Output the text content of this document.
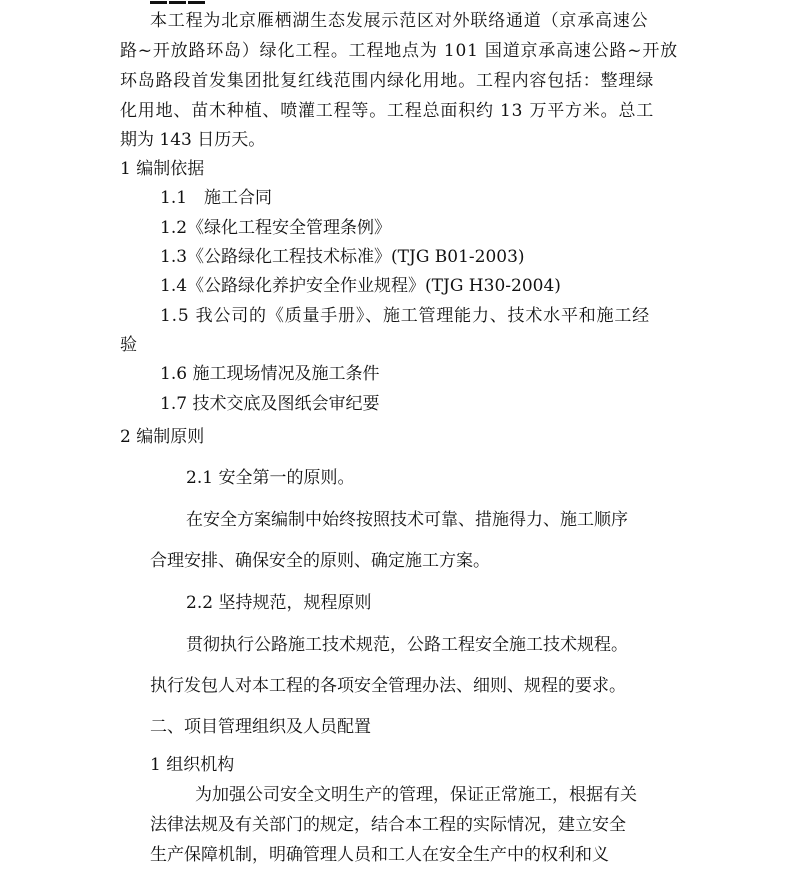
本工程为北京雁栖湖生态发展示范区对外联络通道（京承高速公
路~开放路环岛）绿化工程。工程地点为 101 国道京承高速公路~开放
环岛路段首发集团批复红线范围内绿化用地。工程内容包括：整理绿
化用地、苗木种植、喷灌工程等。工程总面积约 13 万平方米。总工
期为 143 日历天。
1 编制依据
1.1　施工合同
1.2《绿化工程安全管理条例》
1.3《公路绿化工程技术标准》(TJG B01-2003)
1.4《公路绿化养护安全作业规程》(TJG H30-2004)
1.5 我公司的《质量手册》、施工管理能力、技术水平和施工经
验
1.6 施工现场情况及施工条件
1.7 技术交底及图纸会审纪要
2 编制原则
2.1 安全第一的原则。
在安全方案编制中始终按照技术可靠、措施得力、施工顺序
合理安排、确保安全的原则、确定施工方案。
2.2 坚持规范，规程原则
贯彻执行公路施工技术规范，公路工程安全施工技术规程。
执行发包人对本工程的各项安全管理办法、细则、规程的要求。
二、项目管理组织及人员配置
1 组织机构
为加强公司安全文明生产的管理，保证正常施工，根据有关
法律法规及有关部门的规定，结合本工程的实际情况，建立安全
生产保障机制，明确管理人员和工人在安全生产中的权利和义
